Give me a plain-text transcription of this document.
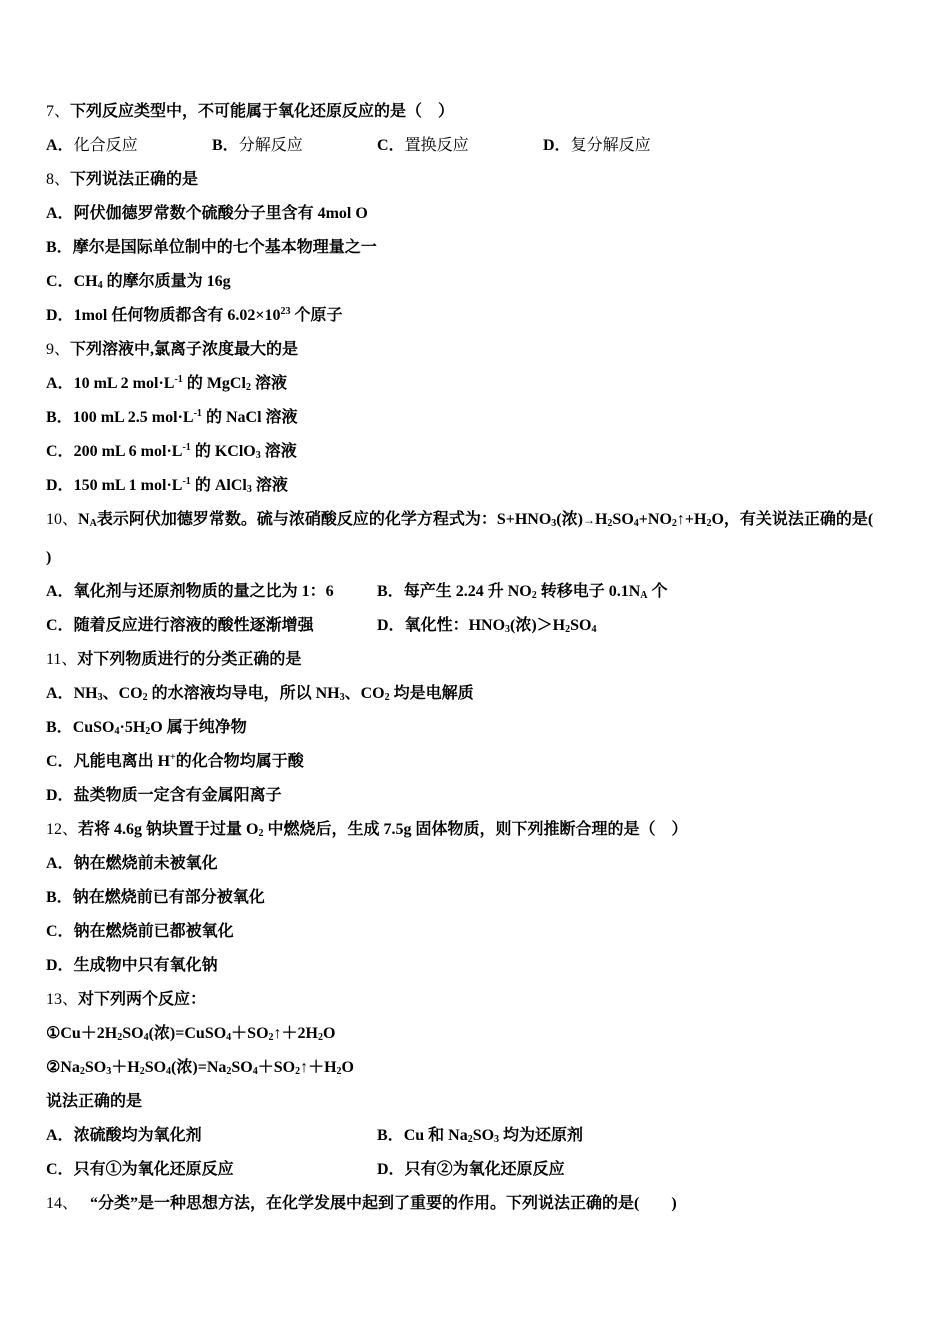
7、下列反应类型中，不可能属于氧化还原反应的是（　）
A．化合反应	B．分解反应	C．置换反应	D．复分解反应
8、下列说法正确的是
A．阿伏伽德罗常数个硫酸分子里含有 4mol O
B．摩尔是国际单位制中的七个基本物理量之一
C．$CH_4$ 的摩尔质量为 16g
D．1mol 任何物质都含有 $6.02\times 10^{23}$ 个原子
9、下列溶液中,氯离子浓度最大的是
A．10 mL 2 $mol\cdot L^{-1}$ 的 MgCl$_2$ 溶液
B．100 mL 2.5 $mol\cdot L^{-1}$ 的 NaCl 溶液
C．200 mL 6 $mol\cdot L^{-1}$ 的 KClO$_3$ 溶液
D．150 mL 1 $mol\cdot L^{-1}$ 的 AlCl$_3$ 溶液
10、$N_A$表示阿伏加德罗常数。硫与浓硝酸反应的化学方程式为：$S+HNO_3$(浓)$\to H_2SO_4+NO_2↑+H_2O$，有关说法正确的是(
)
A．氧化剂与还原剂物质的量之比为 1：6	B．每产生 2.24 升 $NO_2$ 转移电子 $0.1N_A$ 个
C．随着反应进行溶液的酸性逐渐增强	D．氧化性：$HNO_3$(浓)$>H_2SO_4$
11、对下列物质进行的分类正确的是
A．$NH_3$、$CO_2$ 的水溶液均导电，所以 $NH_3$、$CO_2$ 均是电解质
B．$CuSO_4\cdot 5H_2O$ 属于纯净物
C．凡能电离出 H+的化合物均属于酸
D．盐类物质一定含有金属阳离子
12、若将 4.6g 钠块置于过量 $O_2$ 中燃烧后，生成 7.5g 固体物质，则下列推断合理的是（　）
A．钠在燃烧前未被氧化
B．钠在燃烧前已有部分被氧化
C．钠在燃烧前已都被氧化
D．生成物中只有氧化钠
13、对下列两个反应：
$①Cu+2H_2SO_4$(浓)$=CuSO_4+SO_2↑+2H_2O$
$②Na_2SO_3+H_2SO_4$(浓)$=Na_2SO_4+SO_2↑+H_2O$
说法正确的是
A．浓硫酸均为氧化剂	B．Cu 和 $Na_2SO_3$ 均为还原剂
C．只有①为氧化还原反应	D．只有②为氧化还原反应
14、 “分类”是一种思想方法，在化学发展中起到了重要的作用。下列说法正确的是(　　)
